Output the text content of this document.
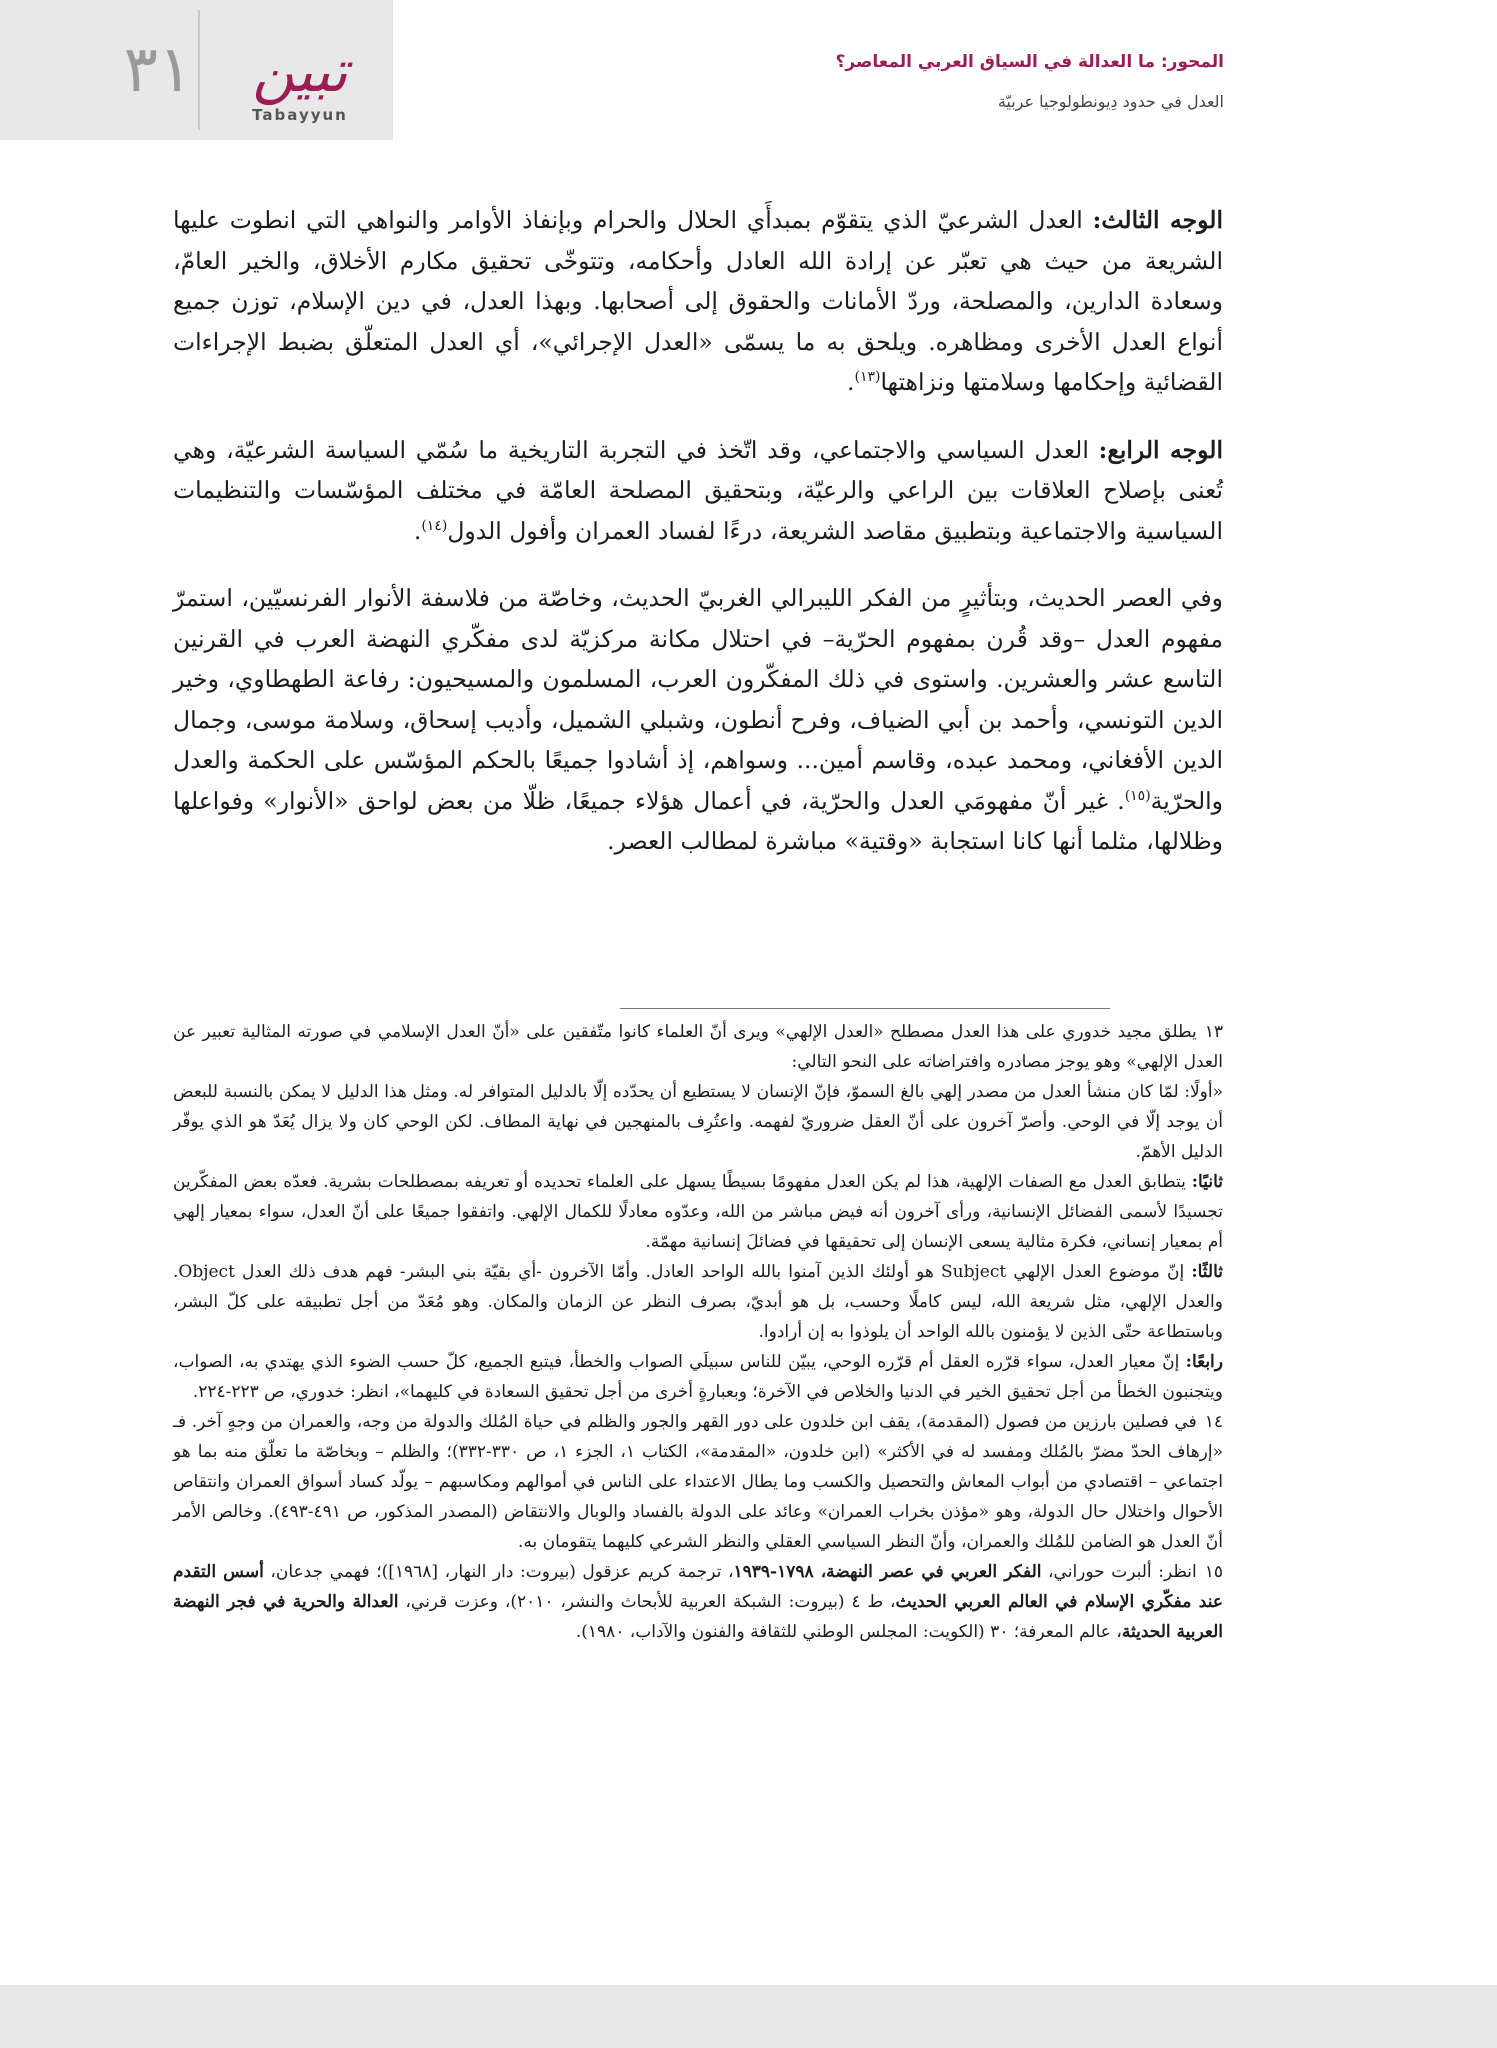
٣١	تبين
Tabayyun
المحور: ما العدالة في السياق العربي المعاصر؟
العدل في حدود دِيونطولوجيا عربيّة

الوجه الثالث: العدل الشرعيّ الذي يتقوّم بمبدأَي الحلال والحرام وبإنفاذ الأوامر والنواهي التي انطوت عليها الشريعة من حيث هي تعبّر عن إرادة الله العادل وأحكامه، وتتوخّى تحقيق مكارم الأخلاق، والخير العامّ، وسعادة الدارين، والمصلحة، وردّ الأمانات والحقوق إلى أصحابها. وبهذا العدل، في دين الإسلام، توزن جميع أنواع العدل الأخرى ومظاهره. ويلحق به ما يسمّى «العدل الإجرائي»، أي العدل المتعلّق بضبط الإجراءات القضائية وإحكامها وسلامتها ونزاهتها$^{(١٣)}$.

الوجه الرابع: العدل السياسي والاجتماعي، وقد اتّخذ في التجربة التاريخية ما سُمّي السياسة الشرعيّة، وهي تُعنى بإصلاح العلاقات بين الراعي والرعيّة، وبتحقيق المصلحة العامّة في مختلف المؤسّسات والتنظيمات السياسية والاجتماعية وبتطبيق مقاصد الشريعة، درءًا لفساد العمران وأفول الدول$^{(١٤)}$.

وفي العصر الحديث، وبتأثيرٍ من الفكر الليبرالي الغربيّ الحديث، وخاصّة من فلاسفة الأنوار الفرنسيّين، استمرّ مفهوم العدل –وقد قُرن بمفهوم الحرّية– في احتلال مكانة مركزيّة لدى مفكّري النهضة العرب في القرنين التاسع عشر والعشرين. واستوى في ذلك المفكّرون العرب، المسلمون والمسيحيون: رفاعة الطهطاوي، وخير الدين التونسي، وأحمد بن أبي الضياف، وفرح أنطون، وشبلي الشميل، وأديب إسحاق، وسلامة موسى، وجمال الدين الأفغاني، ومحمد عبده، وقاسم أمين... وسواهم، إذ أشادوا جميعًا بالحكم المؤسّس على الحكمة والعدل والحرّية$^{(١٥)}$. غير أنّ مفهومَي العدل والحرّية، في أعمال هؤلاء جميعًا، ظلّا من بعض لواحق «الأنوار» وفواعلها وظلالها، مثلما أنها كانا استجابة «وقتية» مباشرة لمطالب العصر.

١٣يطلق مجيد خدوري على هذا العدل مصطلح «العدل الإلهي» ويرى أنّ العلماء كانوا متّفقين على «أنّ العدل الإسلامي في صورته المثالية تعبير عن العدل الإلهي» وهو يوجز مصادره وافتراضاته على النحو التالي:

«أولًا: لمّا كان منشأ العدل من مصدر إلهي بالغ السموّ، فإنّ الإنسان لا يستطيع أن يحدّده إلّا بالدليل المتوافر له. ومثل هذا الدليل لا يمكن بالنسبة للبعض أن يوجد إلّا في الوحي. وأصرّ آخرون على أنّ العقل ضروريّ لفهمه. واعتُرِف بالمنهجين في نهاية المطاف. لكن الوحي كان ولا يزال يُعَدّ هو الذي يوفّر الدليل الأهمّ.

ثانيًا: يتطابق العدل مع الصفات الإلهية، هذا لم يكن العدل مفهومًا بسيطًا يسهل على العلماء تحديده أو تعريفه بمصطلحات بشرية. فعدّه بعض المفكّرين تجسيدًا لأسمى الفضائل الإنسانية، ورأى آخرون أنه فيض مباشر من الله، وعدّوه معادلًا للكمال الإلهي. واتفقوا جميعًا على أنّ العدل، سواء بمعيار إلهي أم بمعيار إنساني، فكرة مثالية يسعى الإنسان إلى تحقيقها في فضائلَ إنسانية مهمّة.

ثالثًا: إنّ موضوع العدل الإلهي Subject هو أولئك الذين آمنوا بالله الواحد العادل. وأمّا الآخرون -أي بقيّة بني البشر- فهم هدف ذلك العدل Object. والعدل الإلهي، مثل شريعة الله، ليس كاملًا وحسب، بل هو أبديّ، بصرف النظر عن الزمان والمكان. وهو مُعَدّ من أجل تطبيقه على كلّ البشر، وباستطاعة حتّى الذين لا يؤمنون بالله الواحد أن يلوذوا به إن أرادوا.

رابعًا: إنّ معيار العدل، سواء قرّره العقل أم قرّره الوحي، يبيّن للناس سبيلَي الصواب والخطأ، فيتبع الجميع، كلّ حسب الضوء الذي يهتدي به، الصواب، ويتجنبون الخطأ من أجل تحقيق الخير في الدنيا والخلاص في الآخرة؛ وبعبارةٍ أخرى من أجل تحقيق السعادة في كليهما»، انظر: خدوري، ص ٢٢٣-٢٢٤.

١٤في فصلين بارزين من فصول (المقدمة)، يقف ابن خلدون على دور القهر والجور والظلم في حياة المُلك والدولة من وجه، والعمران من وجهٍ آخر. فـ «إرهاف الحدّ مضرّ بالمُلك ومفسد له في الأكثر» (ابن خلدون، «المقدمة»، الكتاب ١، الجزء ١، ص ٣٣٠-٣٣٢)؛ والظلم – وبخاصّة ما تعلّق منه بما هو اجتماعي – اقتصادي من أبواب المعاش والتحصيل والكسب وما يطال الاعتداء على الناس في أموالهم ومكاسبهم – يولّد كساد أسواق العمران وانتقاص الأحوال واختلال حال الدولة، وهو «مؤذن بخراب العمران» وعائد على الدولة بالفساد والوبال والانتقاض (المصدر المذكور، ص ٤٩١-٤٩٣). وخالص الأمر أنّ العدل هو الضامن للمُلك والعمران، وأنّ النظر السياسي العقلي والنظر الشرعي كليهما يتقومان به.

١٥انظر: ألبرت حوراني، الفكر العربي في عصر النهضة، ١٧٩٨-١٩٣٩، ترجمة كريم عزقول (بيروت: دار النهار، [١٩٦٨])؛ فهمي جدعان، أسس التقدم عند مفكّري الإسلام في العالم العربي الحديث، ط ٤ (بيروت: الشبكة العربية للأبحاث والنشر، ٢٠١٠)، وعزت قرني، العدالة والحرية في فجر النهضة العربية الحديثة، عالم المعرفة؛ ٣٠ (الكويت: المجلس الوطني للثقافة والفنون والآداب، ١٩٨٠).
